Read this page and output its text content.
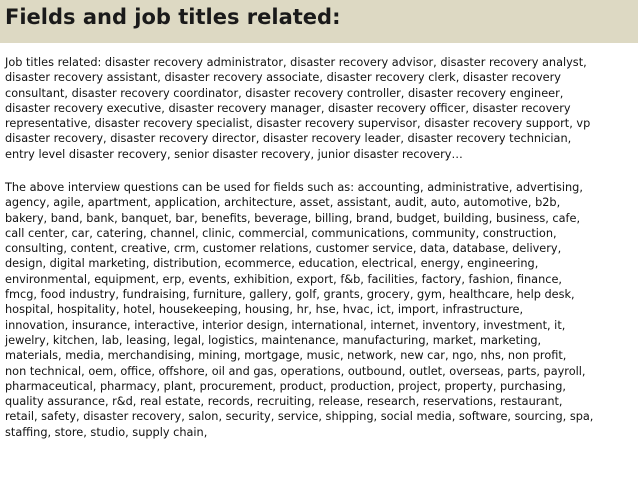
Fields and job titles related:
Job titles related: disaster recovery administrator, disaster recovery advisor, disaster recovery analyst,
disaster recovery assistant, disaster recovery associate, disaster recovery clerk, disaster recovery
consultant, disaster recovery coordinator, disaster recovery controller, disaster recovery engineer,
disaster recovery executive, disaster recovery manager, disaster recovery officer, disaster recovery
representative, disaster recovery specialist, disaster recovery supervisor, disaster recovery support, vp
disaster recovery, disaster recovery director, disaster recovery leader, disaster recovery technician,
entry level disaster recovery, senior disaster recovery, junior disaster recovery…
The above interview questions can be used for fields such as: accounting, administrative, advertising,
agency, agile, apartment, application, architecture, asset, assistant, audit, auto, automotive, b2b,
bakery, band, bank, banquet, bar, benefits, beverage, billing, brand, budget, building, business, cafe,
call center, car, catering, channel, clinic, commercial, communications, community, construction,
consulting, content, creative, crm, customer relations, customer service, data, database, delivery,
design, digital marketing, distribution, ecommerce, education, electrical, energy, engineering,
environmental, equipment, erp, events, exhibition, export, f&b, facilities, factory, fashion, finance,
fmcg, food industry, fundraising, furniture, gallery, golf, grants, grocery, gym, healthcare, help desk,
hospital, hospitality, hotel, housekeeping, housing, hr, hse, hvac, ict, import, infrastructure,
innovation, insurance, interactive, interior design, international, internet, inventory, investment, it,
jewelry, kitchen, lab, leasing, legal, logistics, maintenance, manufacturing, market, marketing,
materials, media, merchandising, mining, mortgage, music, network, new car, ngo, nhs, non profit,
non technical, oem, office, offshore, oil and gas, operations, outbound, outlet, overseas, parts, payroll,
pharmaceutical, pharmacy, plant, procurement, product, production, project, property, purchasing,
quality assurance, r&d, real estate, records, recruiting, release, research, reservations, restaurant,
retail, safety, disaster recovery, salon, security, service, shipping, social media, software, sourcing, spa,
staffing, store, studio, supply chain,
